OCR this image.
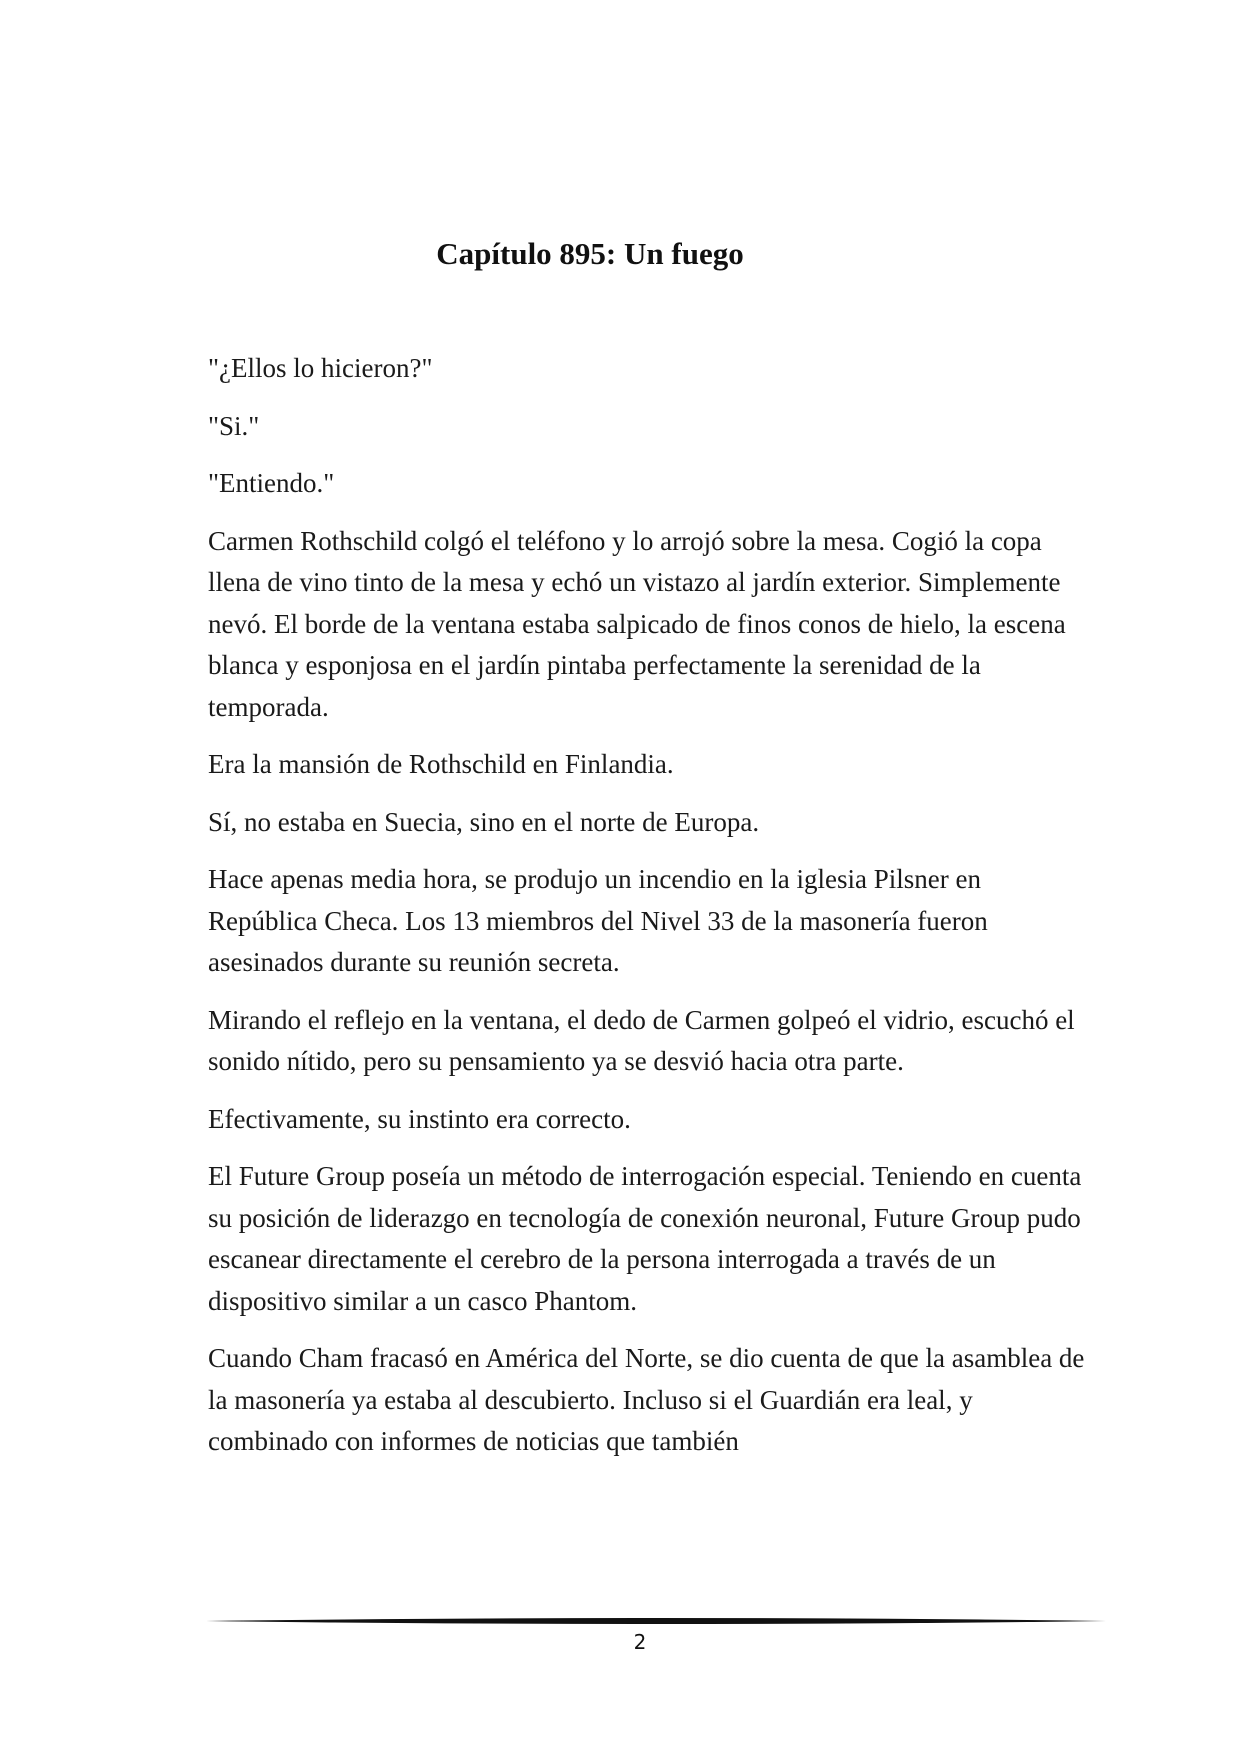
Capítulo 895: Un fuego

"¿Ellos lo hicieron?"

"Si."

"Entiendo."

Carmen Rothschild colgó el teléfono y lo arrojó sobre la mesa. Cogió la copa llena de vino tinto de la mesa y echó un vistazo al jardín exterior. Simplemente nevó. El borde de la ventana estaba salpicado de finos conos de hielo, la escena blanca y esponjosa en el jardín pintaba perfectamente la serenidad de la temporada.

Era la mansión de Rothschild en Finlandia.

Sí, no estaba en Suecia, sino en el norte de Europa.

Hace apenas media hora, se produjo un incendio en la iglesia Pilsner en República Checa. Los 13 miembros del Nivel 33 de la masonería fueron asesinados durante su reunión secreta.

Mirando el reflejo en la ventana, el dedo de Carmen golpeó el vidrio, escuchó el sonido nítido, pero su pensamiento ya se desvió hacia otra parte.

Efectivamente, su instinto era correcto.

El Future Group poseía un método de interrogación especial. Teniendo en cuenta su posición de liderazgo en tecnología de conexión neuronal, Future Group pudo escanear directamente el cerebro de la persona interrogada a través de un dispositivo similar a un casco Phantom.

Cuando Cham fracasó en América del Norte, se dio cuenta de que la asamblea de la masonería ya estaba al descubierto. Incluso si el Guardián era leal, y combinado con informes de noticias que también

2
